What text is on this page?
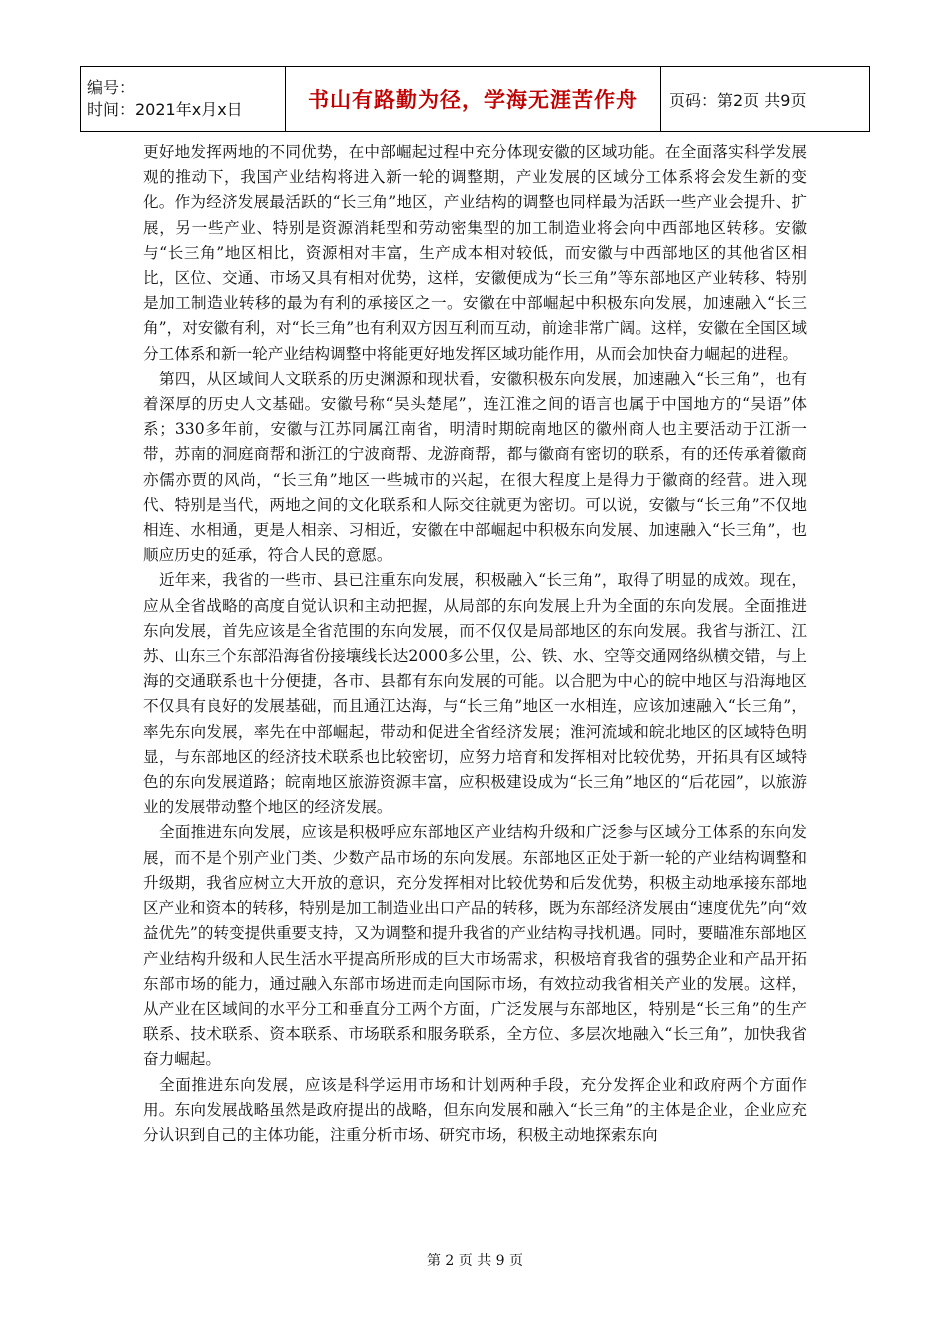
编号：
时间：2021年x月x日	书山有路勤为径，学海无涯苦作舟	页码：第2页 共9页

更好地发挥两地的不同优势，在中部崛起过程中充分体现安徽的区域功能。在全面落实科学发展观的推动下，我国产业结构将进入新一轮的调整期，产业发展的区域分工体系将会发生新的变化。作为经济发展最活跃的“长三角”地区，产业结构的调整也同样最为活跃一些产业会提升、扩展，另一些产业、特别是资源消耗型和劳动密集型的加工制造业将会向中西部地区转移。安徽与“长三角”地区相比，资源相对丰富，生产成本相对较低，而安徽与中西部地区的其他省区相比，区位、交通、市场又具有相对优势，这样，安徽便成为“长三角”等东部地区产业转移、特别是加工制造业转移的最为有利的承接区之一。安徽在中部崛起中积极东向发展，加速融入“长三角”，对安徽有利，对“长三角”也有利双方因互利而互动，前途非常广阔。这样，安徽在全国区域分工体系和新一轮产业结构调整中将能更好地发挥区域功能作用，从而会加快奋力崛起的进程。

第四，从区域间人文联系的历史渊源和现状看，安徽积极东向发展，加速融入“长三角”，也有着深厚的历史人文基础。安徽号称“吴头楚尾”，连江淮之间的语言也属于中国地方的“吴语”体系；330多年前，安徽与江苏同属江南省，明清时期皖南地区的徽州商人也主要活动于江浙一带，苏南的洞庭商帮和浙江的宁波商帮、龙游商帮，都与徽商有密切的联系，有的还传承着徽商亦儒亦贾的风尚，“长三角”地区一些城市的兴起，在很大程度上是得力于徽商的经营。进入现代、特别是当代，两地之间的文化联系和人际交往就更为密切。可以说，安徽与“长三角”不仅地相连、水相通，更是人相亲、习相近，安徽在中部崛起中积极东向发展、加速融入“长三角”，也顺应历史的延承，符合人民的意愿。

近年来，我省的一些市、县已注重东向发展，积极融入“长三角”，取得了明显的成效。现在，应从全省战略的高度自觉认识和主动把握，从局部的东向发展上升为全面的东向发展。全面推进东向发展，首先应该是全省范围的东向发展，而不仅仅是局部地区的东向发展。我省与浙江、江苏、山东三个东部沿海省份接壤线长达2000多公里，公、铁、水、空等交通网络纵横交错，与上海的交通联系也十分便捷，各市、县都有东向发展的可能。以合肥为中心的皖中地区与沿海地区不仅具有良好的发展基础，而且通江达海，与“长三角”地区一水相连，应该加速融入“长三角”，率先东向发展，率先在中部崛起，带动和促进全省经济发展；淮河流域和皖北地区的区域特色明显，与东部地区的经济技术联系也比较密切，应努力培育和发挥相对比较优势，开拓具有区域特色的东向发展道路；皖南地区旅游资源丰富，应积极建设成为“长三角”地区的“后花园”，以旅游业的发展带动整个地区的经济发展。

全面推进东向发展，应该是积极呼应东部地区产业结构升级和广泛参与区域分工体系的东向发展，而不是个别产业门类、少数产品市场的东向发展。东部地区正处于新一轮的产业结构调整和升级期，我省应树立大开放的意识，充分发挥相对比较优势和后发优势，积极主动地承接东部地区产业和资本的转移，特别是加工制造业出口产品的转移，既为东部经济发展由“速度优先”向“效益优先”的转变提供重要支持，又为调整和提升我省的产业结构寻找机遇。同时，要瞄准东部地区产业结构升级和人民生活水平提高所形成的巨大市场需求，积极培育我省的强势企业和产品开拓东部市场的能力，通过融入东部市场进而走向国际市场，有效拉动我省相关产业的发展。这样，从产业在区域间的水平分工和垂直分工两个方面，广泛发展与东部地区，特别是“长三角”的生产联系、技术联系、资本联系、市场联系和服务联系，全方位、多层次地融入“长三角”，加快我省奋力崛起。

全面推进东向发展，应该是科学运用市场和计划两种手段，充分发挥企业和政府两个方面作用。东向发展战略虽然是政府提出的战略，但东向发展和融入“长三角”的主体是企业，企业应充分认识到自己的主体功能，注重分析市场、研究市场，积极主动地探索东向

第 2 页 共 9 页
